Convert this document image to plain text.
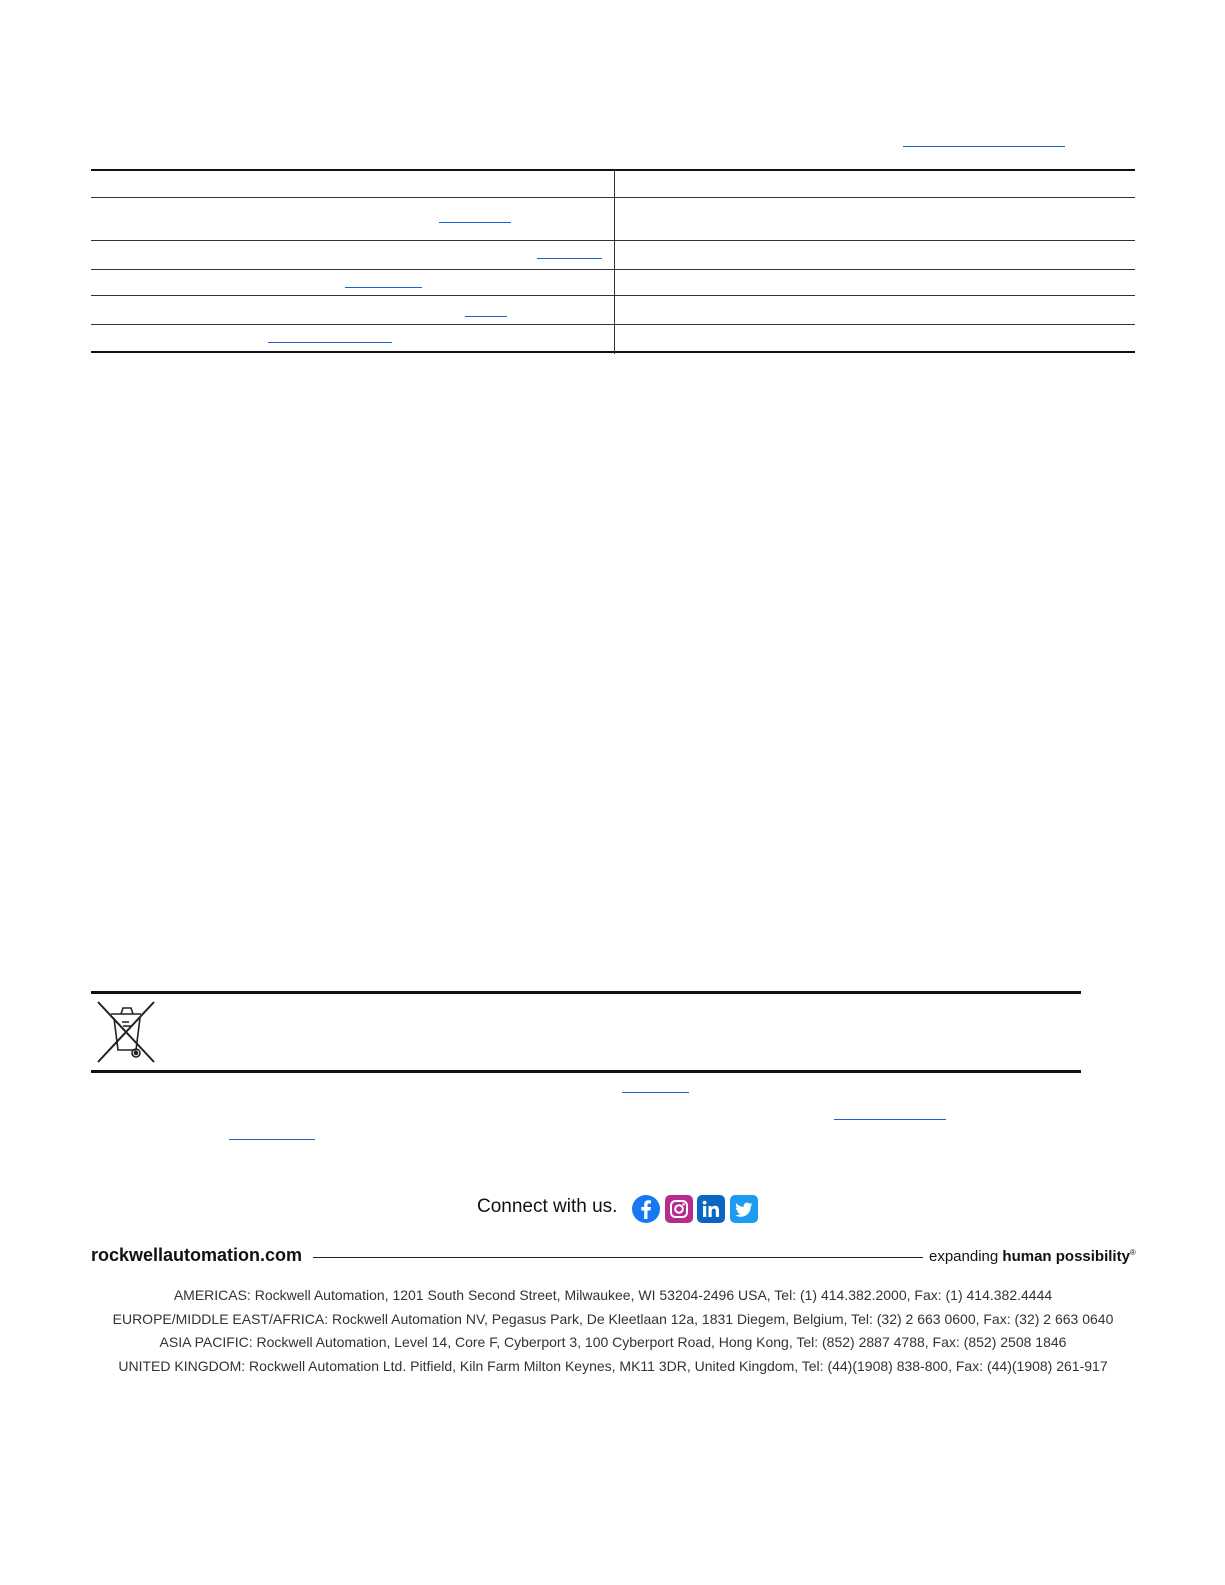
Connect with us.
rockwellautomation.com	expanding human possibility®
AMERICAS: Rockwell Automation, 1201 South Second Street, Milwaukee, WI 53204-2496 USA, Tel: (1) 414.382.2000, Fax: (1) 414.382.4444
EUROPE/MIDDLE EAST/AFRICA: Rockwell Automation NV, Pegasus Park, De Kleetlaan 12a, 1831 Diegem, Belgium, Tel: (32) 2 663 0600, Fax: (32) 2 663 0640
ASIA PACIFIC: Rockwell Automation, Level 14, Core F, Cyberport 3, 100 Cyberport Road, Hong Kong, Tel: (852) 2887 4788, Fax: (852) 2508 1846
UNITED KINGDOM: Rockwell Automation Ltd. Pitfield, Kiln Farm Milton Keynes, MK11 3DR, United Kingdom, Tel: (44)(1908) 838-800, Fax: (44)(1908) 261-917
